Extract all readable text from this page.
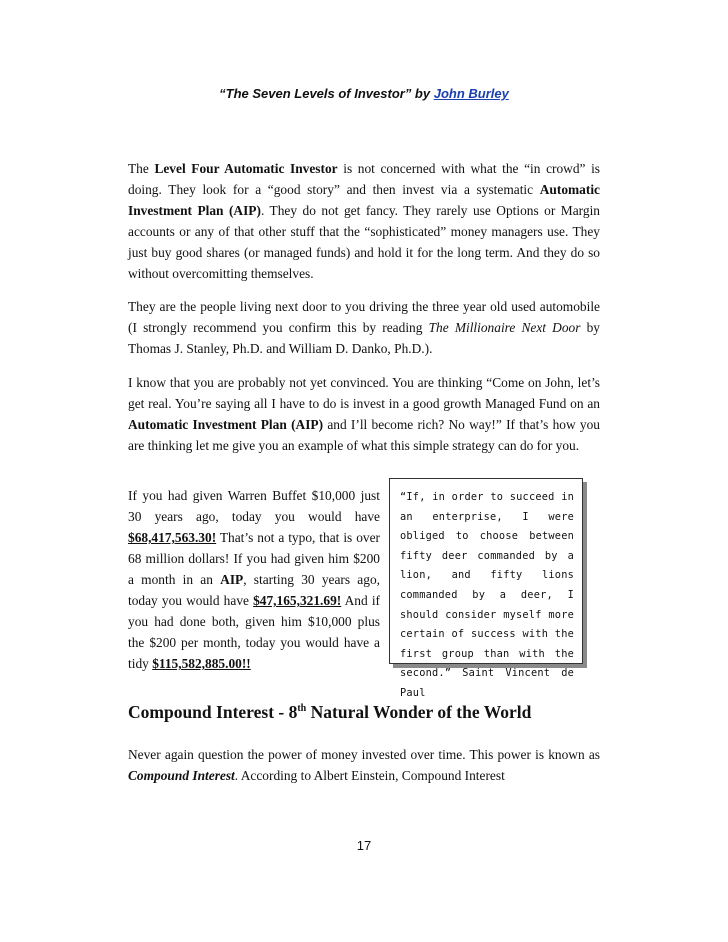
“The Seven Levels of Investor” by John Burley
The Level Four Automatic Investor is not concerned with what the “in crowd” is doing. They look for a “good story” and then invest via a systematic Automatic Investment Plan (AIP). They do not get fancy. They rarely use Options or Margin accounts or any of that other stuff that the “sophisticated” money managers use. They just buy good shares (or managed funds) and hold it for the long term. And they do so without overcomitting themselves.
They are the people living next door to you driving the three year old used automobile (I strongly recommend you confirm this by reading The Millionaire Next Door by Thomas J. Stanley, Ph.D. and William D. Danko, Ph.D.).
I know that you are probably not yet convinced. You are thinking “Come on John, let’s get real. You’re saying all I have to do is invest in a good growth Managed Fund on an Automatic Investment Plan (AIP) and I’ll become rich? No way!” If that’s how you are thinking let me give you an example of what this simple strategy can do for you.
If you had given Warren Buffet $10,000 just 30 years ago, today you would have $68,417,563.30! That’s not a typo, that is over 68 million dollars! If you had given him $200 a month in an AIP, starting 30 years ago, today you would have $47,165,321.69! And if you had done both, given him $10,000 plus the $200 per month, today you would have a tidy $115,582,885.00!!
“If, in order to succeed in an enterprise, I were obliged to choose between fifty deer commanded by a lion, and fifty lions commanded by a deer, I should consider myself more certain of success with the first group than with the second.” Saint Vincent de Paul
Compound Interest - 8th Natural Wonder of the World
Never again question the power of money invested over time. This power is known as Compound Interest. According to Albert Einstein, Compound Interest
17
